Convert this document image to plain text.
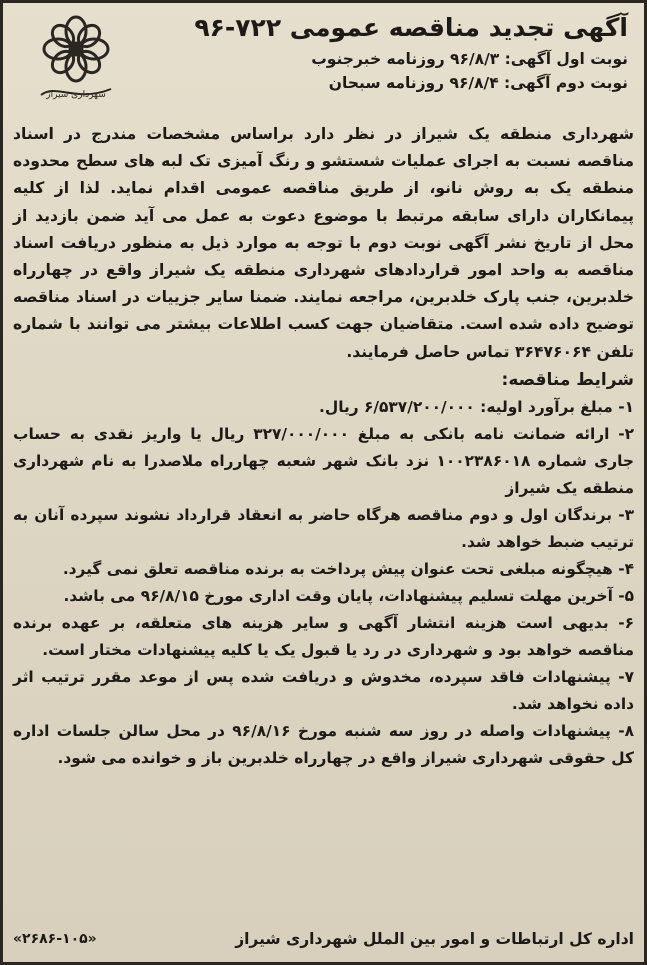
آگهی تجدید مناقصه عمومی ۷۲۲-۹۶
نوبت اول آگهی: ۹۶/۸/۳ روزنامه خبرجنوب
نوبت دوم آگهی: ۹۶/۸/۴ روزنامه سبحان
شهرداری شیراز

شهرداری منطقه یک شیراز در نظر دارد براساس مشخصات مندرج در اسناد مناقصه نسبت به اجرای عملیات شستشو و رنگ آمیزی تک لبه های سطح محدوده منطقه یک به روش نانو، از طریق مناقصه عمومی اقدام نماید. لذا از کلیه پیمانکاران دارای سابقه مرتبط با موضوع دعوت به عمل می آید ضمن بازدید از محل از تاریخ نشر آگهی نوبت دوم با توجه به موارد ذیل به منظور دریافت اسناد مناقصه به واحد امور قراردادهای شهرداری منطقه یک شیراز واقع در چهارراه خلدبرین، جنب پارک خلدبرین، مراجعه نمایند. ضمنا سایر جزییات در اسناد مناقصه توضیح داده شده است. متقاضیان جهت کسب اطلاعات بیشتر می توانند با شماره تلفن ۳۶۴۷۶۰۶۴ تماس حاصل فرمایند.

شرایط مناقصه:

۱- مبلغ برآورد اولیه: ۶/۵۳۷/۲۰۰/۰۰۰ ریال.

۲- ارائه ضمانت نامه بانکی به مبلغ ۳۲۷/۰۰۰/۰۰۰ ریال یا واریز نقدی به حساب جاری شماره ۱۰۰۲۳۸۶۰۱۸ نزد بانک شهر شعبه چهارراه ملاصدرا به نام شهرداری منطقه یک شیراز

۳- برندگان اول و دوم مناقصه هرگاه حاضر به انعقاد قرارداد نشوند سپرده آنان به ترتیب ضبط خواهد شد.

۴- هیچگونه مبلغی تحت عنوان پیش پرداخت به برنده مناقصه تعلق نمی گیرد.

۵- آخرین مهلت تسلیم پیشنهادات، پایان وقت اداری مورخ ۹۶/۸/۱۵ می باشد.

۶- بدیهی است هزینه انتشار آگهی و سایر هزینه های متعلقه، بر عهده برنده مناقصه خواهد بود و شهرداری در رد یا قبول یک یا کلیه پیشنهادات مختار است.

۷- پیشنهادات فاقد سپرده، مخدوش و دریافت شده پس از موعد مقرر ترتیب اثر داده نخواهد شد.

۸- پیشنهادات واصله در روز سه شنبه مورخ ۹۶/۸/۱۶ در محل سالن جلسات اداره کل حقوقی شهرداری شیراز واقع در چهارراه خلدبرین باز و خوانده می شود.

اداره کل ارتباطات و امور بین الملل شهرداری شیراز
«۲۶۸۶-۱۰۵»
